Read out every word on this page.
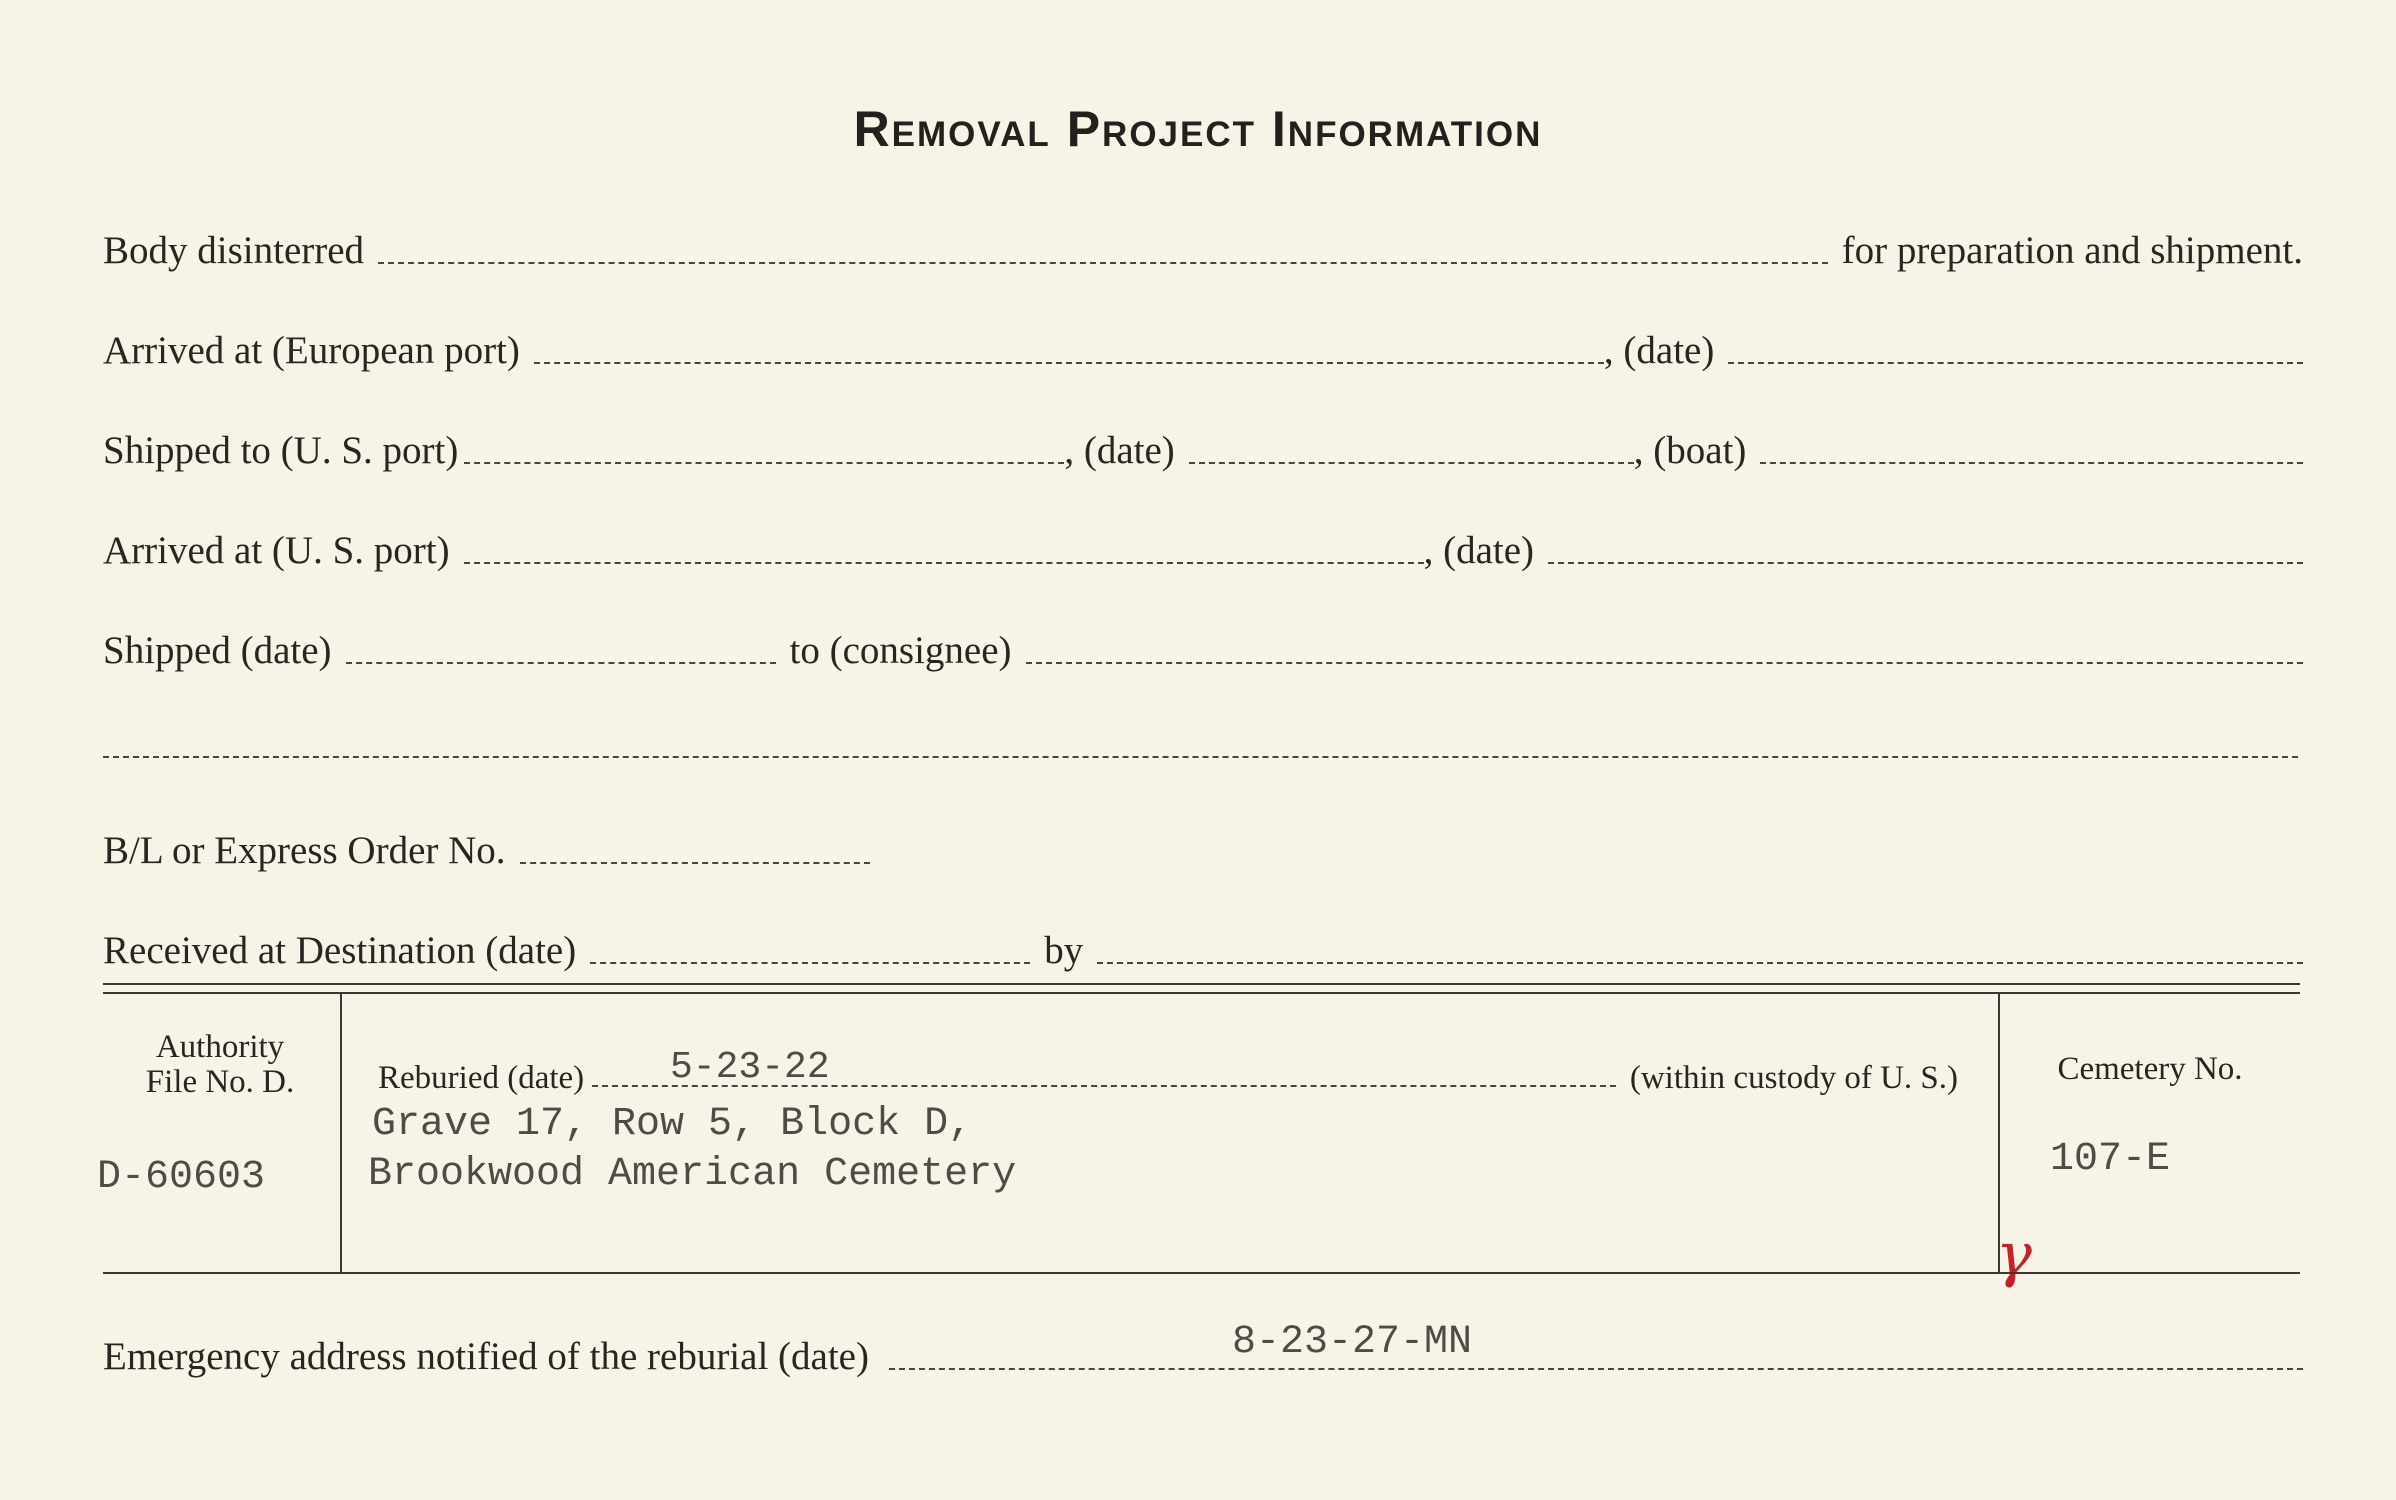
Removal Project Information
Body disinterred	for preparation and shipment.
Arrived at (European port)	, (date)
Shipped to (U. S. port)	, (date)	, (boat)
Arrived at (U. S. port)	, (date)
Shipped (date)	to (consignee)
B/L or Express Order No.
Received at Destination (date)	by
Authority
File No. D.
D-60603
Reburied (date)	(within custody of U. S.)
5-23-22
Grave 17, Row 5, Block D,
Brookwood American Cemetery
Cemetery No.
107-E
γ
Emergency address notified of the reburial (date)	8-23-27-MN
